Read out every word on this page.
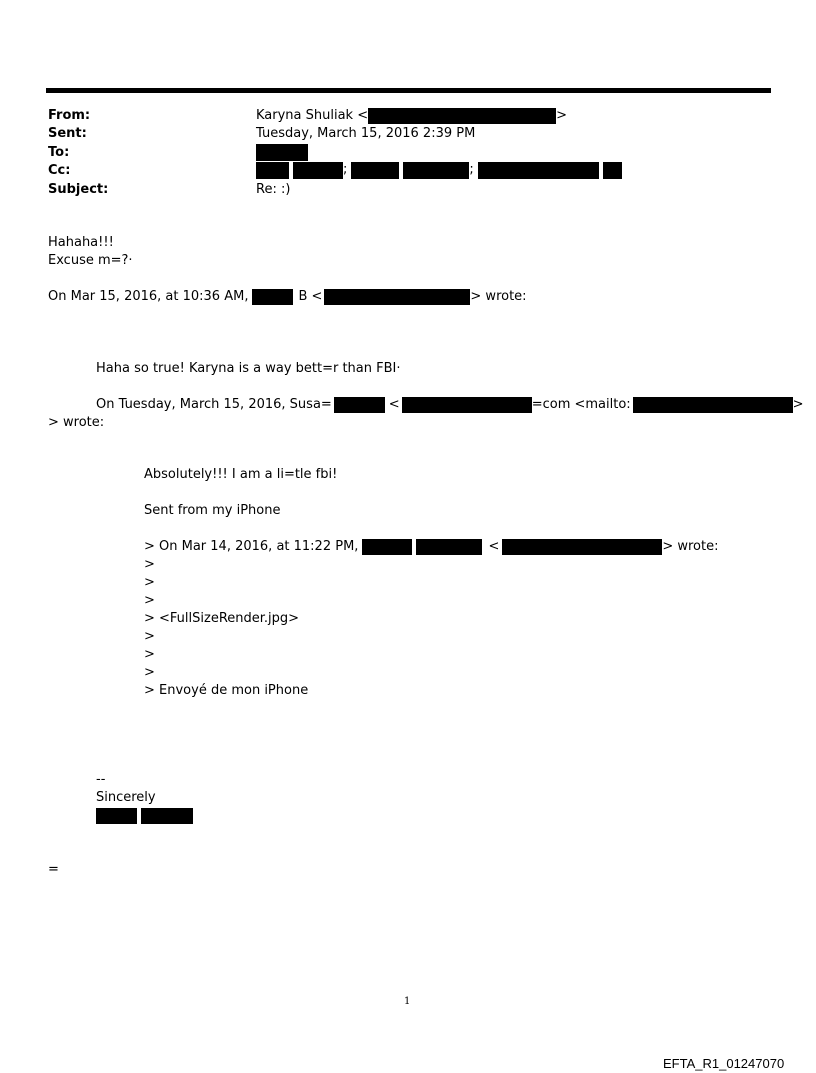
From:	Karyna Shuliak <	>
Sent:	Tuesday, March 15, 2016 2:39 PM
To:
Cc:	;	;
Subject:	Re: :)
Hahaha!!!
Excuse m=?·
On Mar 15, 2016, at 10:36 AM,	B <	> wrote:
Haha so true! Karyna is a way bett=r than FBI·
On Tuesday, March 15, 2016, Susa=	<	=com <mailto:	>
> wrote:
Absolutely!!! I am a li=tle fbi!
Sent from my iPhone
> On Mar 14, 2016, at 11:22 PM,	<	> wrote:
>
>
>
> <FullSizeRender.jpg>
>
>
>
> Envoyé de mon iPhone
--
Sincerely
=
1
EFTA_R1_01247070
